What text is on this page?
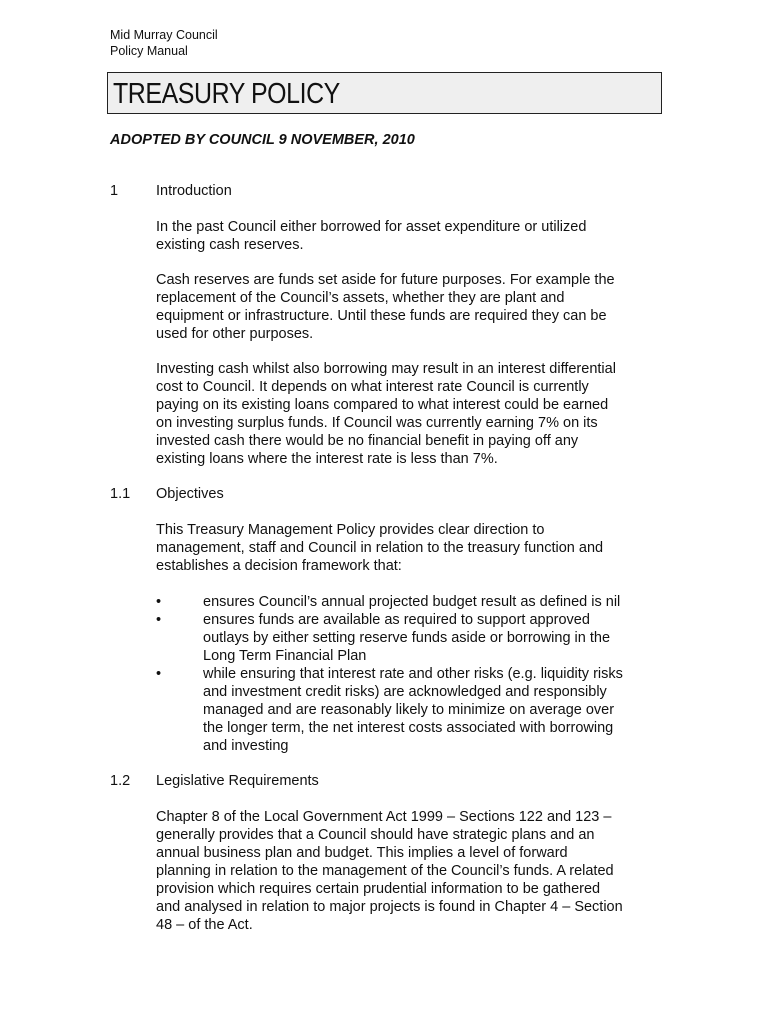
Mid Murray Council
Policy Manual
TREASURY POLICY
ADOPTED BY COUNCIL 9 NOVEMBER, 2010
1	Introduction

In the past Council either borrowed for asset expenditure or utilized
existing cash reserves.

Cash reserves are funds set aside for future purposes. For example the
replacement of the Council’s assets, whether they are plant and
equipment or infrastructure. Until these funds are required they can be
used for other purposes.

Investing cash whilst also borrowing may result in an interest differential
cost to Council. It depends on what interest rate Council is currently
paying on its existing loans compared to what interest could be earned
on investing surplus funds. If Council was currently earning 7% on its
invested cash there would be no financial benefit in paying off any
existing loans where the interest rate is less than 7%.

1.1 Objectives

This Treasury Management Policy provides clear direction to
management, staff and Council in relation to the treasury function and
establishes a decision framework that:

•	ensures Council’s annual projected budget result as defined is nil
•	ensures funds are available as required to support approved
outlays by either setting reserve funds aside or borrowing in the
Long Term Financial Plan
•	while ensuring that interest rate and other risks (e.g. liquidity risks
and investment credit risks) are acknowledged and responsibly
managed and are reasonably likely to minimize on average over
the longer term, the net interest costs associated with borrowing
and investing
1.2 Legislative Requirements

Chapter 8 of the Local Government Act 1999 – Sections 122 and 123 –
generally provides that a Council should have strategic plans and an
annual business plan and budget. This implies a level of forward
planning in relation to the management of the Council’s funds. A related
provision which requires certain prudential information to be gathered
and analysed in relation to major projects is found in Chapter 4 – Section
48 – of the Act.
